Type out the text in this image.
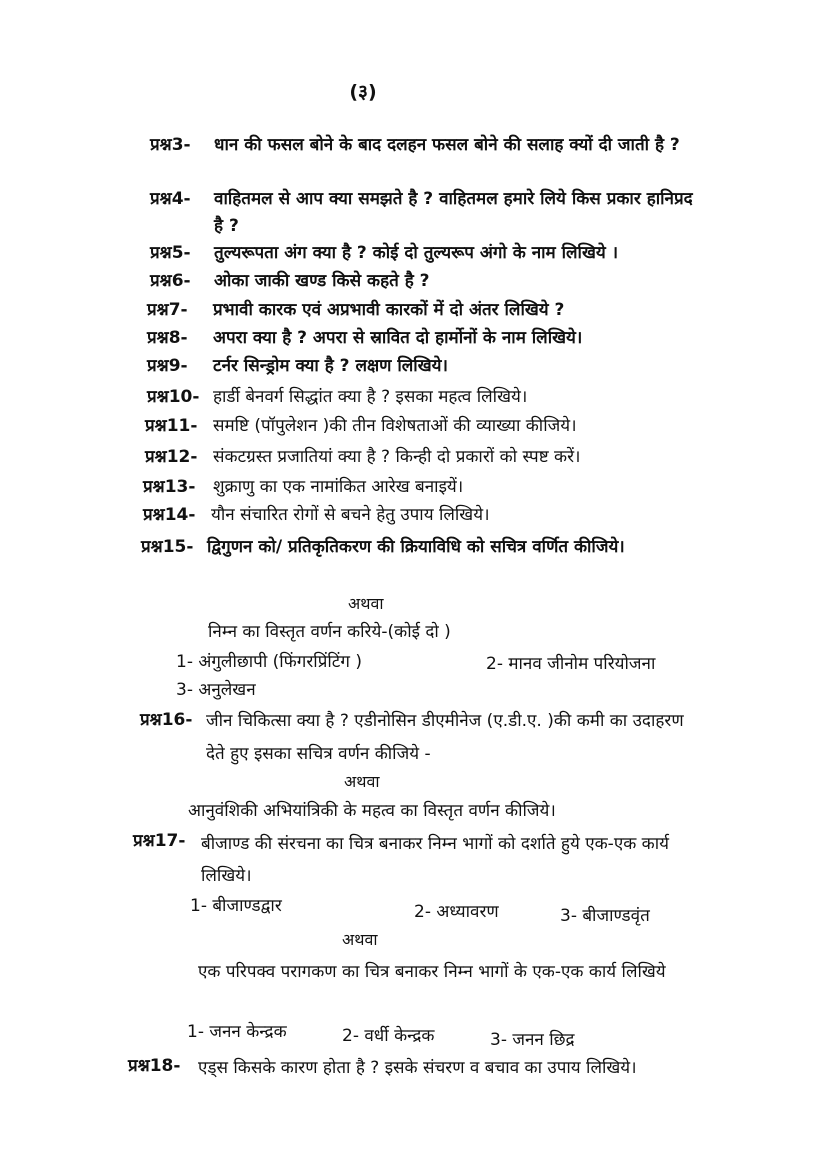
(३)
प्रश्न3- धान की फसल बोने के बाद दलहन फसल बोने की सलाह क्यों दी जाती है ?
प्रश्न4- वाहितमल से आप क्या समझते है ? वाहितमल हमारे लिये किस प्रकार हानिप्रद है ?
प्रश्न5- तुल्यरूपता अंग क्या है ? कोई दो तुल्यरूप अंगो के नाम लिखिये ।
प्रश्न6- ओका जाकी खण्ड किसे कहते है ?
प्रश्न7- प्रभावी कारक एवं अप्रभावी कारकों में दो अंतर लिखिये ?
प्रश्न8- अपरा क्या है ? अपरा से स्रावित दो हार्मोनों के नाम लिखिये।
प्रश्न9- टर्नर सिन्ड्रोम क्या है ? लक्षण लिखिये।
प्रश्न10- हार्डी बेनवर्ग सिद्धांत क्या है ? इसका महत्व लिखिये।
प्रश्न11- समष्टि (पॉपुलेशन )की तीन विशेषताओं की व्याख्या कीजिये।
प्रश्न12- संकटग्रस्त प्रजातियां क्या है ? किन्ही दो प्रकारों को स्पष्ट करें।
प्रश्न13- शुक्राणु का एक नामांकित आरेख बनाइयें।
प्रश्न14- यौन संचारित रोगों से बचने हेतु उपाय लिखिये।
प्रश्न15- द्विगुणन को/ प्रतिकृतिकरण की क्रियाविधि को सचित्र वर्णित कीजिये।
अथवा
निम्न का विस्तृत वर्णन करिये-(कोई दो )
1- अंगुलीछापी (फिंगरप्रिंटिंग )	2- मानव जीनोम परियोजना
3- अनुलेखन
प्रश्न16- जीन चिकित्सा क्या है ? एडीनोसिन डीएमीनेज (ए.डी.ए. )की कमी का उदाहरण देते हुए इसका सचित्र वर्णन कीजिये -
अथवा
आनुवंशिकी अभियांत्रिकी के महत्व का विस्तृत वर्णन कीजिये।
प्रश्न17- बीजाण्ड की संरचना का चित्र बनाकर निम्न भागों को दर्शाते हुये एक-एक कार्य लिखिये।
1- बीजाण्डद्वार	2- अध्यावरण	3- बीजाण्डवृंत
अथवा
एक परिपक्व परागकण का चित्र बनाकर निम्न भागों के एक-एक कार्य लिखिये
1- जनन केन्द्रक	2- वर्धी केन्द्रक	3- जनन छिद्र
प्रश्न18- एड्स किसके कारण होता है ? इसके संचरण व बचाव का उपाय लिखिये।
